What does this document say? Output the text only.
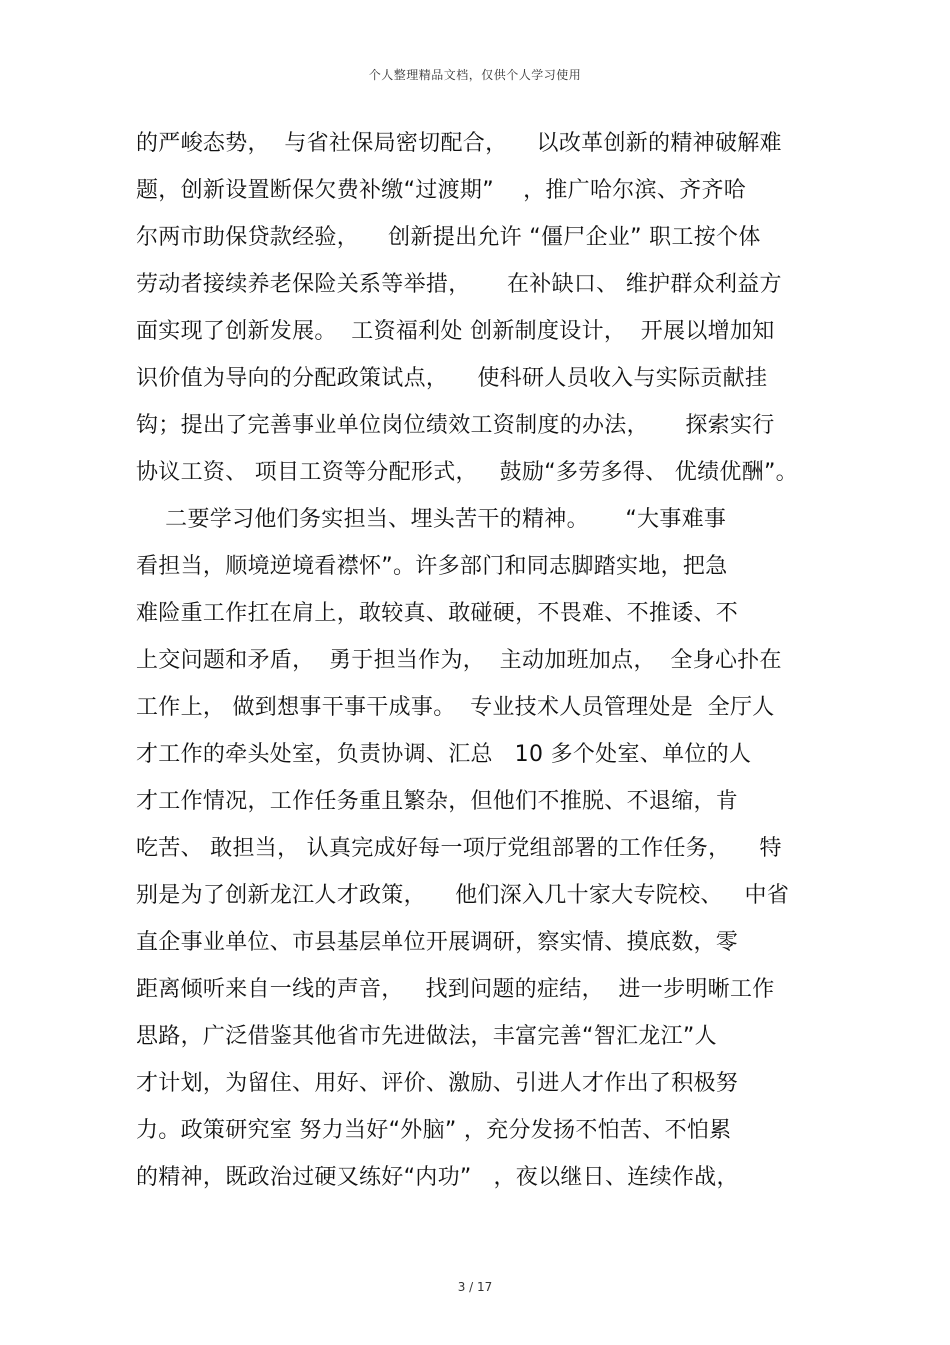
个人整理精品文档，仅供个人学习使用
的严峻态势，  与省社保局密切配合，    以改革创新的精神破解难
题，创新设置断保欠费补缴“过渡期”    ，推广哈尔滨、齐齐哈
尔两市助保贷款经验，    创新提出允许 “僵尸企业” 职工按个体
劳动者接续养老保险关系等举措，     在补缺口、 维护群众利益方
面实现了创新发展。  工资福利处 创新制度设计，  开展以增加知
识价值为导向的分配政策试点，    使科研人员收入与实际贡献挂
钩；提出了完善事业单位岗位绩效工资制度的办法，     探索实行
协议工资、 项目工资等分配形式，   鼓励“多劳多得、 优绩优酬”。
二要学习他们务实担当、埋头苦干的精神。     “大事难事
看担当，顺境逆境看襟怀”。许多部门和同志脚踏实地，把急
难险重工作扛在肩上，敢较真、敢碰硬，不畏难、不推诿、不
上交问题和矛盾，  勇于担当作为，  主动加班加点，  全身心扑在
工作上， 做到想事干事干成事。  专业技术人员管理处是  全厅人
才工作的牵头处室，负责协调、汇总   10 多个处室、单位的人
才工作情况，工作任务重且繁杂，但他们不推脱、不退缩，肯
吃苦、 敢担当， 认真完成好每一项厅党组部署的工作任务，    特
别是为了创新龙江人才政策，    他们深入几十家大专院校、   中省
直企事业单位、市县基层单位开展调研，察实情、摸底数，零
距离倾听来自一线的声音，   找到问题的症结，  进一步明晰工作
思路，广泛借鉴其他省市先进做法，丰富完善“智汇龙江”人
才计划，为留住、用好、评价、激励、引进人才作出了积极努
力。政策研究室 努力当好“外脑” ，充分发扬不怕苦、不怕累
的精神，既政治过硬又练好“内功”   ，夜以继日、连续作战，
3 / 17
